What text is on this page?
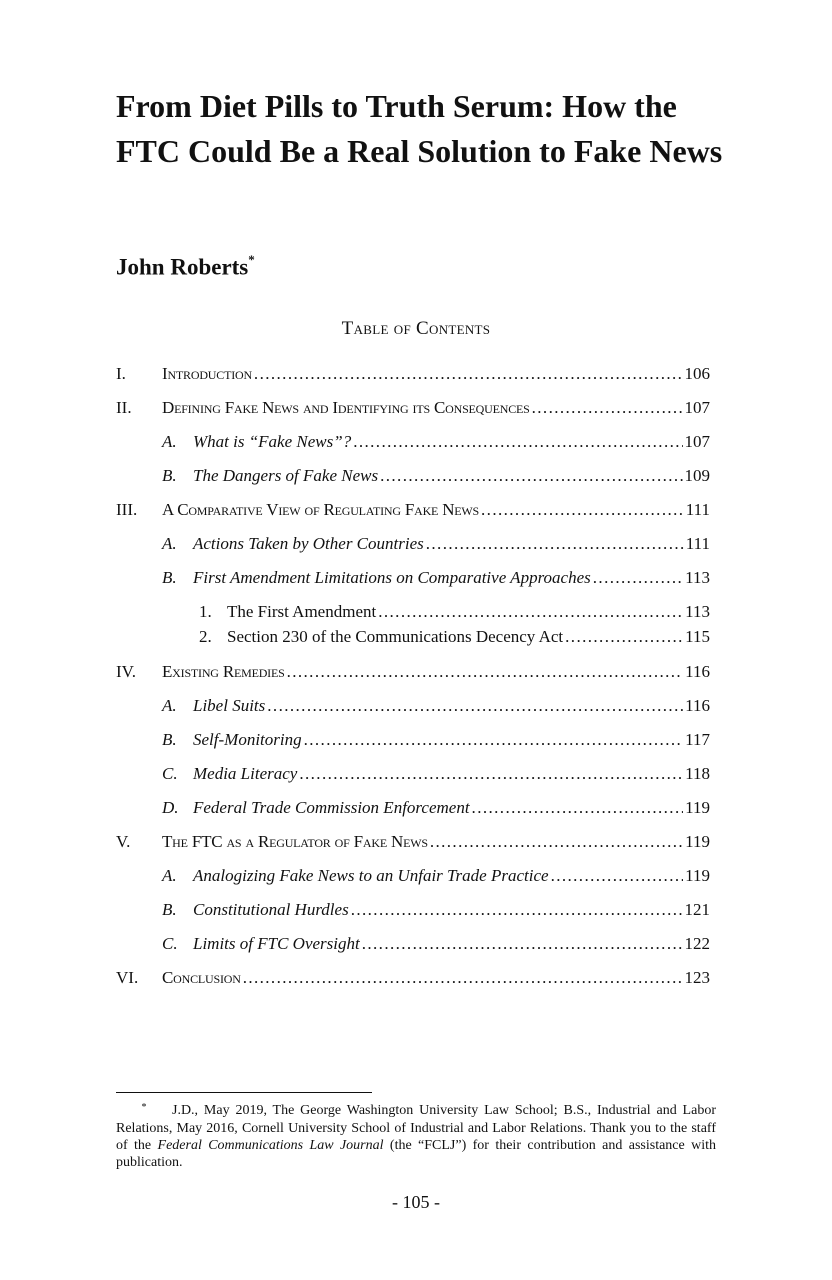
From Diet Pills to Truth Serum: How the FTC Could Be a Real Solution to Fake News
John Roberts*
Table of Contents
I.	Introduction .....	106
II.	Defining Fake News and Identifying its Consequences .....	107
A. What is “Fake News”? .....	107
B. The Dangers of Fake News .....	109
III.	A Comparative View of Regulating Fake News .....	111
A. Actions Taken by Other Countries .....	111
B. First Amendment Limitations on Comparative Approaches .....	113
1. The First Amendment .....	113
2. Section 230 of the Communications Decency Act .....	115
IV.	Existing Remedies .....	116
A. Libel Suits .....	116
B. Self-Monitoring .....	117
C. Media Literacy .....	118
D. Federal Trade Commission Enforcement .....	119
V.	The FTC as a Regulator of Fake News .....	119
A. Analogizing Fake News to an Unfair Trade Practice .....	119
B. Constitutional Hurdles .....	121
C. Limits of FTC Oversight .....	122
VI.	Conclusion .....	123
* J.D., May 2019, The George Washington University Law School; B.S., Industrial and Labor Relations, May 2016, Cornell University School of Industrial and Labor Relations. Thank you to the staff of the Federal Communications Law Journal (the “FCLJ”) for their contribution and assistance with publication.
- 105 -
